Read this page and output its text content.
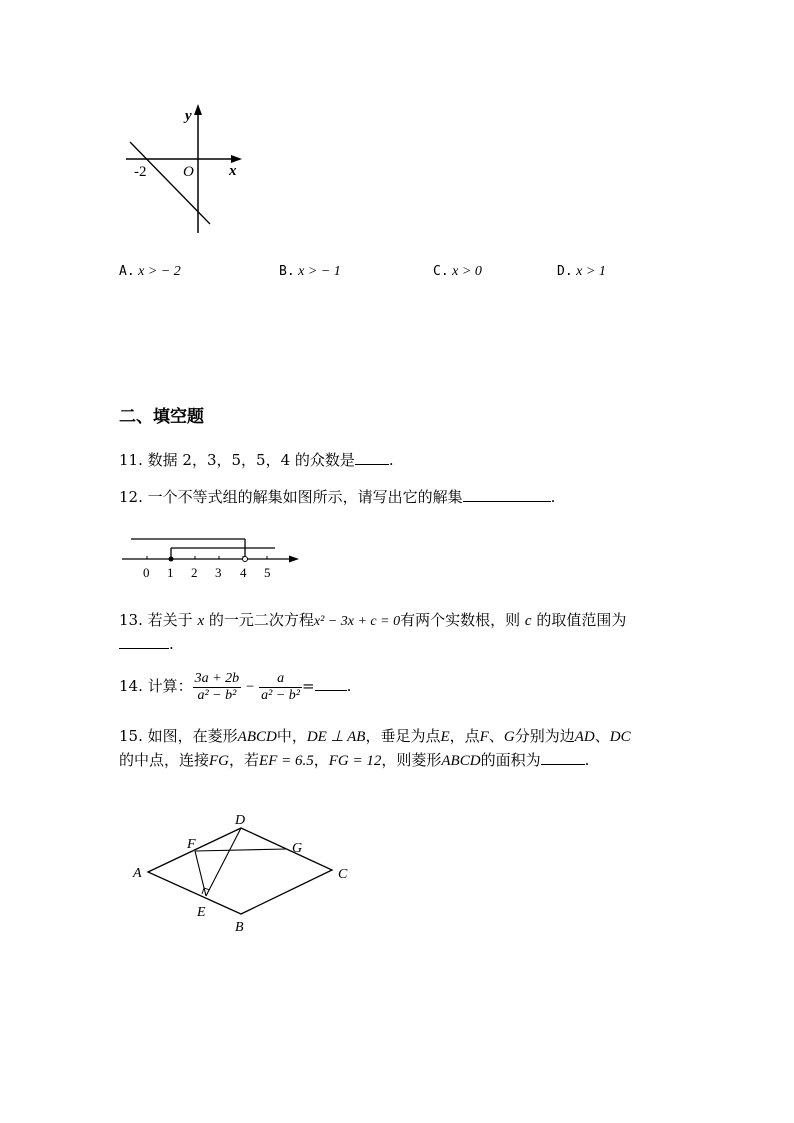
y
x
O
-2
A. x > − 2	B. x > − 1	C. x > 0	D. x > 1
二、填空题
11. 数据 2，3，5，5，4 的众数是 .
12. 一个不等式组的解集如图所示，请写出它的解集	.
0 1 2 3 4 5
13. 若关于 x 的一元二次方程x² − 3x + c = 0有两个实数根，则 c 的取值范围为
.
14. 计算： $\frac{3a + 2b}{\text{a² − b²}} - \frac{a}{\text{a² − b²}}$ = .
15. 如图，在菱形ABCD中，DE ⊥ AB，垂足为点E，点F、G分别为边AD、DC
的中点，连接FG，若EF = 6.5，FG = 12，则菱形ABCD的面积为	.
D
F	G
A	C
E
B
